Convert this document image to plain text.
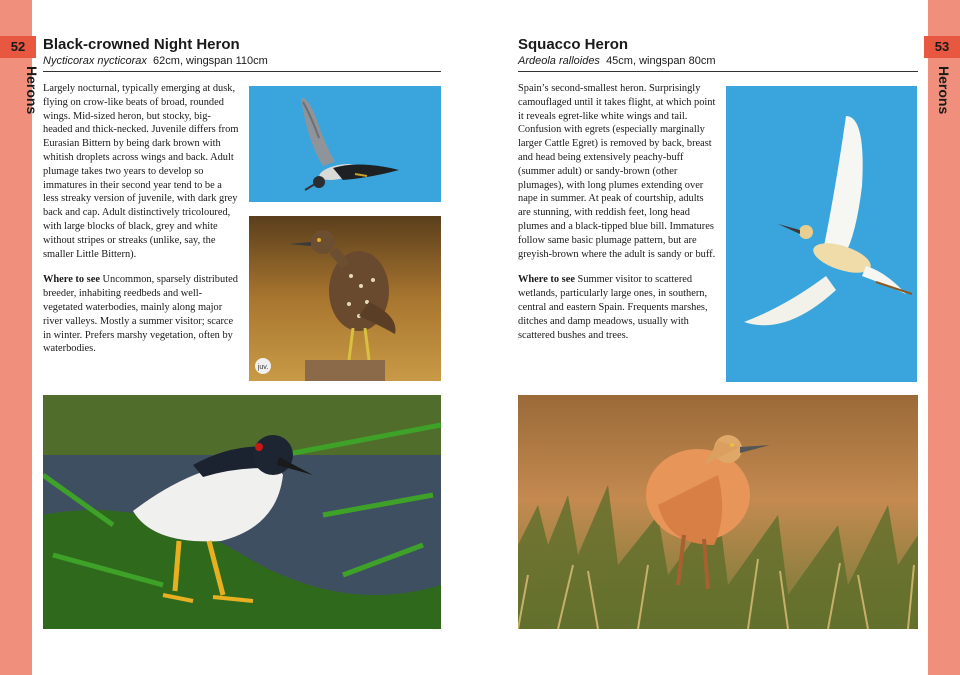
52	53
Herons	Herons
Black-crowned Night Heron
Nycticorax nycticorax 62cm, wingspan 110cm

Largely nocturnal, typically emerging at dusk, flying on crow-like beats of broad, rounded wings. Mid-sized heron, but stocky, big-headed and thick-necked. Juvenile differs from Eurasian Bittern by being dark brown with whitish droplets across wings and back. Adult plumage takes two years to develop so immatures in their second year tend to be a less streaky version of juvenile, with dark grey back and cap. Adult distinctively tricoloured, with large blocks of black, grey and white without stripes or streaks (unlike, say, the smaller Little Bittern).

Where to see Uncommon, sparsely distributed breeder, inhabiting reedbeds and well-vegetated waterbodies, mainly along major river valleys. Mostly a summer visitor; scarce in winter. Prefers marshy vegetation, often by waterbodies.

juv.
Squacco Heron
Ardeola ralloides 45cm, wingspan 80cm

Spain’s second-smallest heron. Surprisingly camouflaged until it takes flight, at which point it reveals egret-like white wings and tail. Confusion with egrets (especially marginally larger Cattle Egret) is removed by back, breast and head being extensively peachy-buff (summer adult) or sandy-brown (other plumages), with long plumes extending over nape in summer. At peak of courtship, adults are stunning, with reddish feet, long head plumes and a black-tipped blue bill. Immatures follow same basic plumage pattern, but are greyish-brown where the adult is sandy or buff.

Where to see Summer visitor to scattered wetlands, particularly large ones, in southern, central and eastern Spain. Frequents marshes, ditches and damp meadows, usually with scattered bushes and trees.
